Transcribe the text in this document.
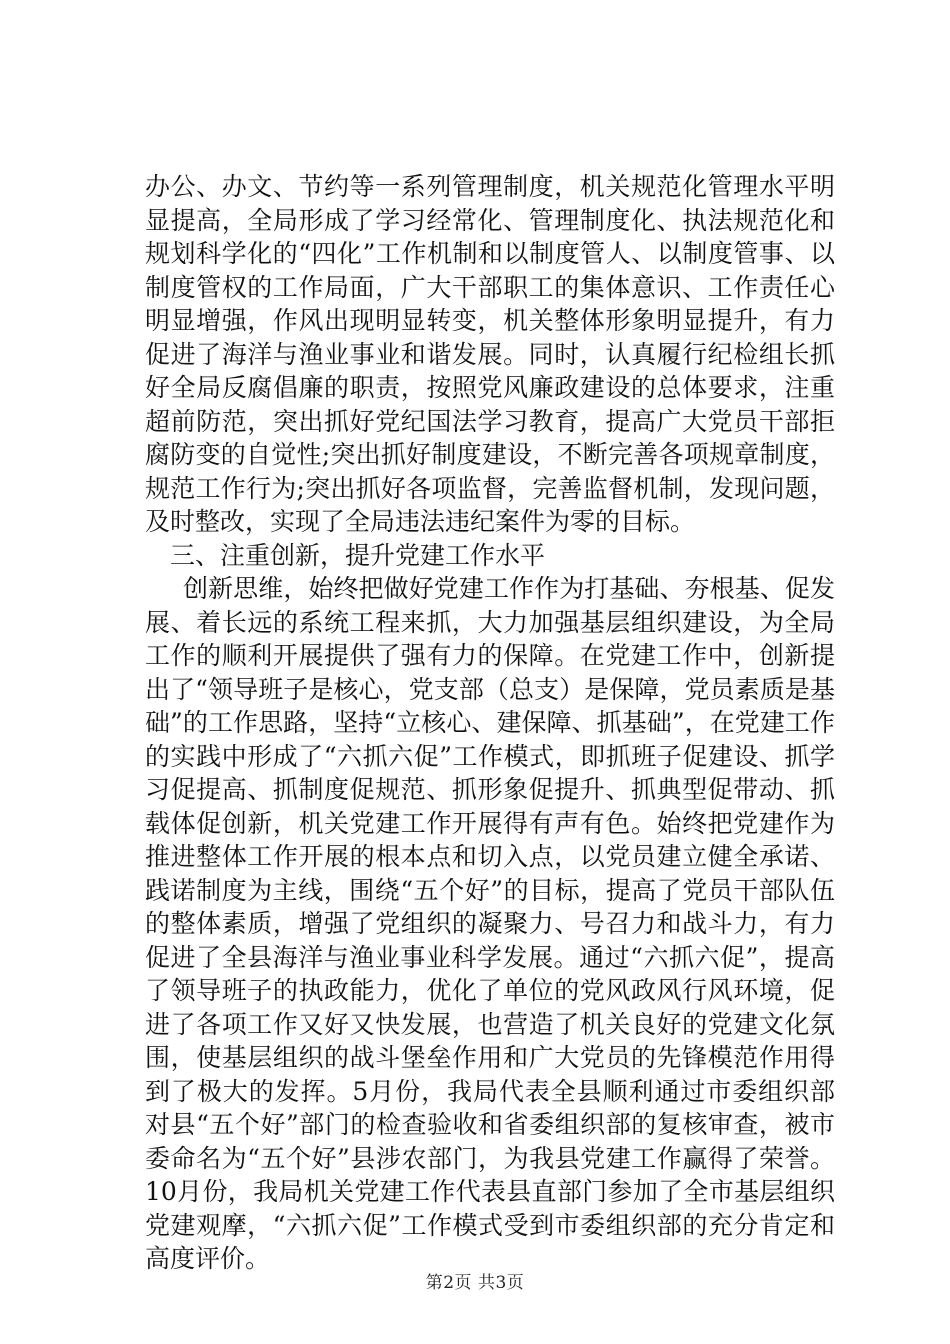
办公、办文、节约等一系列管理制度，机关规范化管理水平明显提高，全局形成了学习经常化、管理制度化、执法规范化和规划科学化的“四化”工作机制和以制度管人、以制度管事、以制度管权的工作局面，广大干部职工的集体意识、工作责任心明显增强，作风出现明显转变，机关整体形象明显提升，有力促进了海洋与渔业事业和谐发展。同时，认真履行纪检组长抓好全局反腐倡廉的职责，按照党风廉政建设的总体要求，注重超前防范，突出抓好党纪国法学习教育，提高广大党员干部拒腐防变的自觉性;突出抓好制度建设，不断完善各项规章制度，规范工作行为;突出抓好各项监督，完善监督机制，发现问题，及时整改，实现了全局违法违纪案件为零的目标。

三、注重创新，提升党建工作水平

创新思维，始终把做好党建工作作为打基础、夯根基、促发展、着长远的系统工程来抓，大力加强基层组织建设，为全局工作的顺利开展提供了强有力的保障。在党建工作中，创新提出了“领导班子是核心，党支部（总支）是保障，党员素质是基础”的工作思路，坚持“立核心、建保障、抓基础”，在党建工作的实践中形成了“六抓六促”工作模式，即抓班子促建设、抓学习促提高、抓制度促规范、抓形象促提升、抓典型促带动、抓载体促创新，机关党建工作开展得有声有色。始终把党建作为推进整体工作开展的根本点和切入点，以党员建立健全承诺、践诺制度为主线，围绕“五个好”的目标，提高了党员干部队伍的整体素质，增强了党组织的凝聚力、号召力和战斗力，有力促进了全县海洋与渔业事业科学发展。通过“六抓六促”，提高了领导班子的执政能力，优化了单位的党风政风行风环境，促进了各项工作又好又快发展，也营造了机关良好的党建文化氛围，使基层组织的战斗堡垒作用和广大党员的先锋模范作用得到了极大的发挥。5月份，我局代表全县顺利通过市委组织部对县“五个好”部门的检查验收和省委组织部的复核审查，被市委命名为“五个好”县涉农部门，为我县党建工作赢得了荣誉。10月份，我局机关党建工作代表县直部门参加了全市基层组织党建观摩，“六抓六促”工作模式受到市委组织部的充分肯定和高度评价。

第2页 共3页
